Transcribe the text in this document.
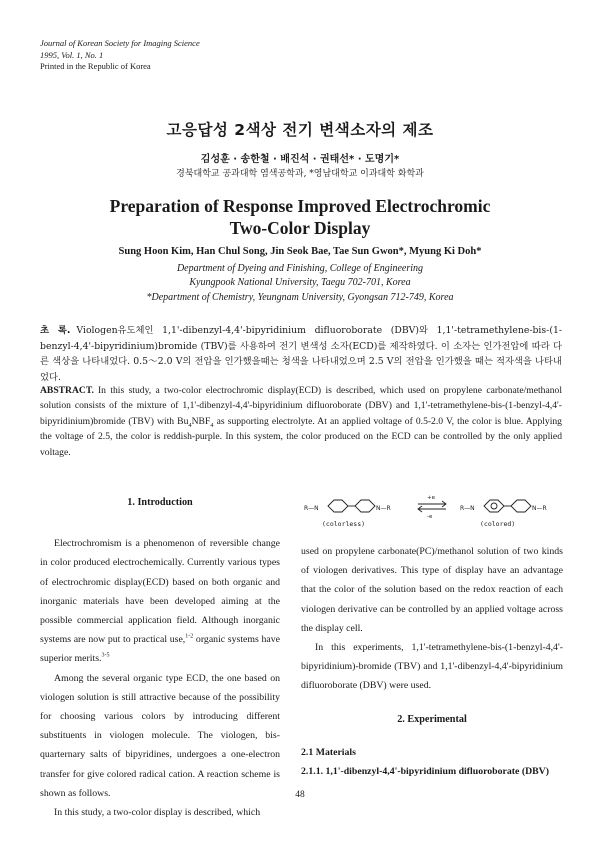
Journal of Korean Society for Imaging Science
1995, Vol. 1, No. 1
Printed in the Republic of Korea
고응답성 2색상 전기 변색소자의 제조
김성훈 · 송한철 · 배진석 · 권태선* · 도명기*
경북대학교 공과대학 염색공학과, *영남대학교 이과대학 화학과
Preparation of Response Improved Electrochromic
Two-Color Display
Sung Hoon Kim, Han Chul Song, Jin Seok Bae, Tae Sun Gwon*, Myung Ki Doh*
Department of Dyeing and Finishing, College of Engineering
Kyungpook National University, Taegu 702-701, Korea
*Department of Chemistry, Yeungnam University, Gyongsan 712-749, Korea
초 록. Viologen유도체인 1,1'-dibenzyl-4,4'-bipyridinium difluoroborate (DBV)와 1,1'-tetramethylene-bis-(1-benzyl-4,4'-bipyridinium)bromide (TBV)를 사용하여 전기 변색성 소자(ECD)를 제작하였다. 이 소자는 인가전압에 따라 다른 색상을 나타내었다. 0.5～2.0 V의 전압을 인가했을때는 청색을 나타내었으며 2.5 V의 전압을 인가했을 때는 적자색을 나타내었다.
ABSTRACT. In this study, a two-color electrochromic display(ECD) is described, which used on propylene carbonate/methanol solution consists of the mixture of 1,1'-dibenzyl-4,4'-bipyridinium difluoroborate (DBV) and 1,1'-tetramethylene-bis-(1-benzyl-4,4'-bipyridinium)bromide (TBV) with $Bu_4NBF_4$ as supporting electrolyte. At an applied voltage of 0.5-2.0 V, the color is blue. Applying the voltage of 2.5, the color is reddish-purple. In this system, the color produced on the ECD can be controlled by the only applied voltage.
1. Introduction

Electrochromism is a phenomenon of reversible change in color produced electrochemically. Currently various types of electrochromic display(ECD) based on both organic and inorganic materials have been developed aiming at the possible commercial application field. Although inorganic systems are now put to practical use,$^{1-2}$ organic systems have superior merits.$^{3-5}$

Among the several organic type ECD, the one based on viologen solution is still attractive because of the possibility for choosing various colors by introducing different substituents in viologen molecule. The viologen, bis-quarternary salts of bipyridines, undergoes a one-electron transfer for give colored radical cation. A reaction scheme is shown as follows.

In this study, a two-color display is described, which

R—N	N—R
+e
-e
R—N	N—R
(colorless)	(colored)

used on propylene carbonate(PC)/methanol solution of two kinds of viologen derivatives. This type of display have an advantage that the color of the solution based on the redox reaction of each viologen derivative can be controlled by an applied voltage across the display cell.

In this experiments, 1,1'-tetramethylene-bis-(1-benzyl-4,4'-bipyridinium)-bromide (TBV) and 1,1'-dibenzyl-4,4'-bipyridinium difluoroborate (DBV) were used.

2. Experimental
2.1 Materials
2.1.1. 1,1'-dibenzyl-4,4'-bipyridinium difluoroborate (DBV)
48
